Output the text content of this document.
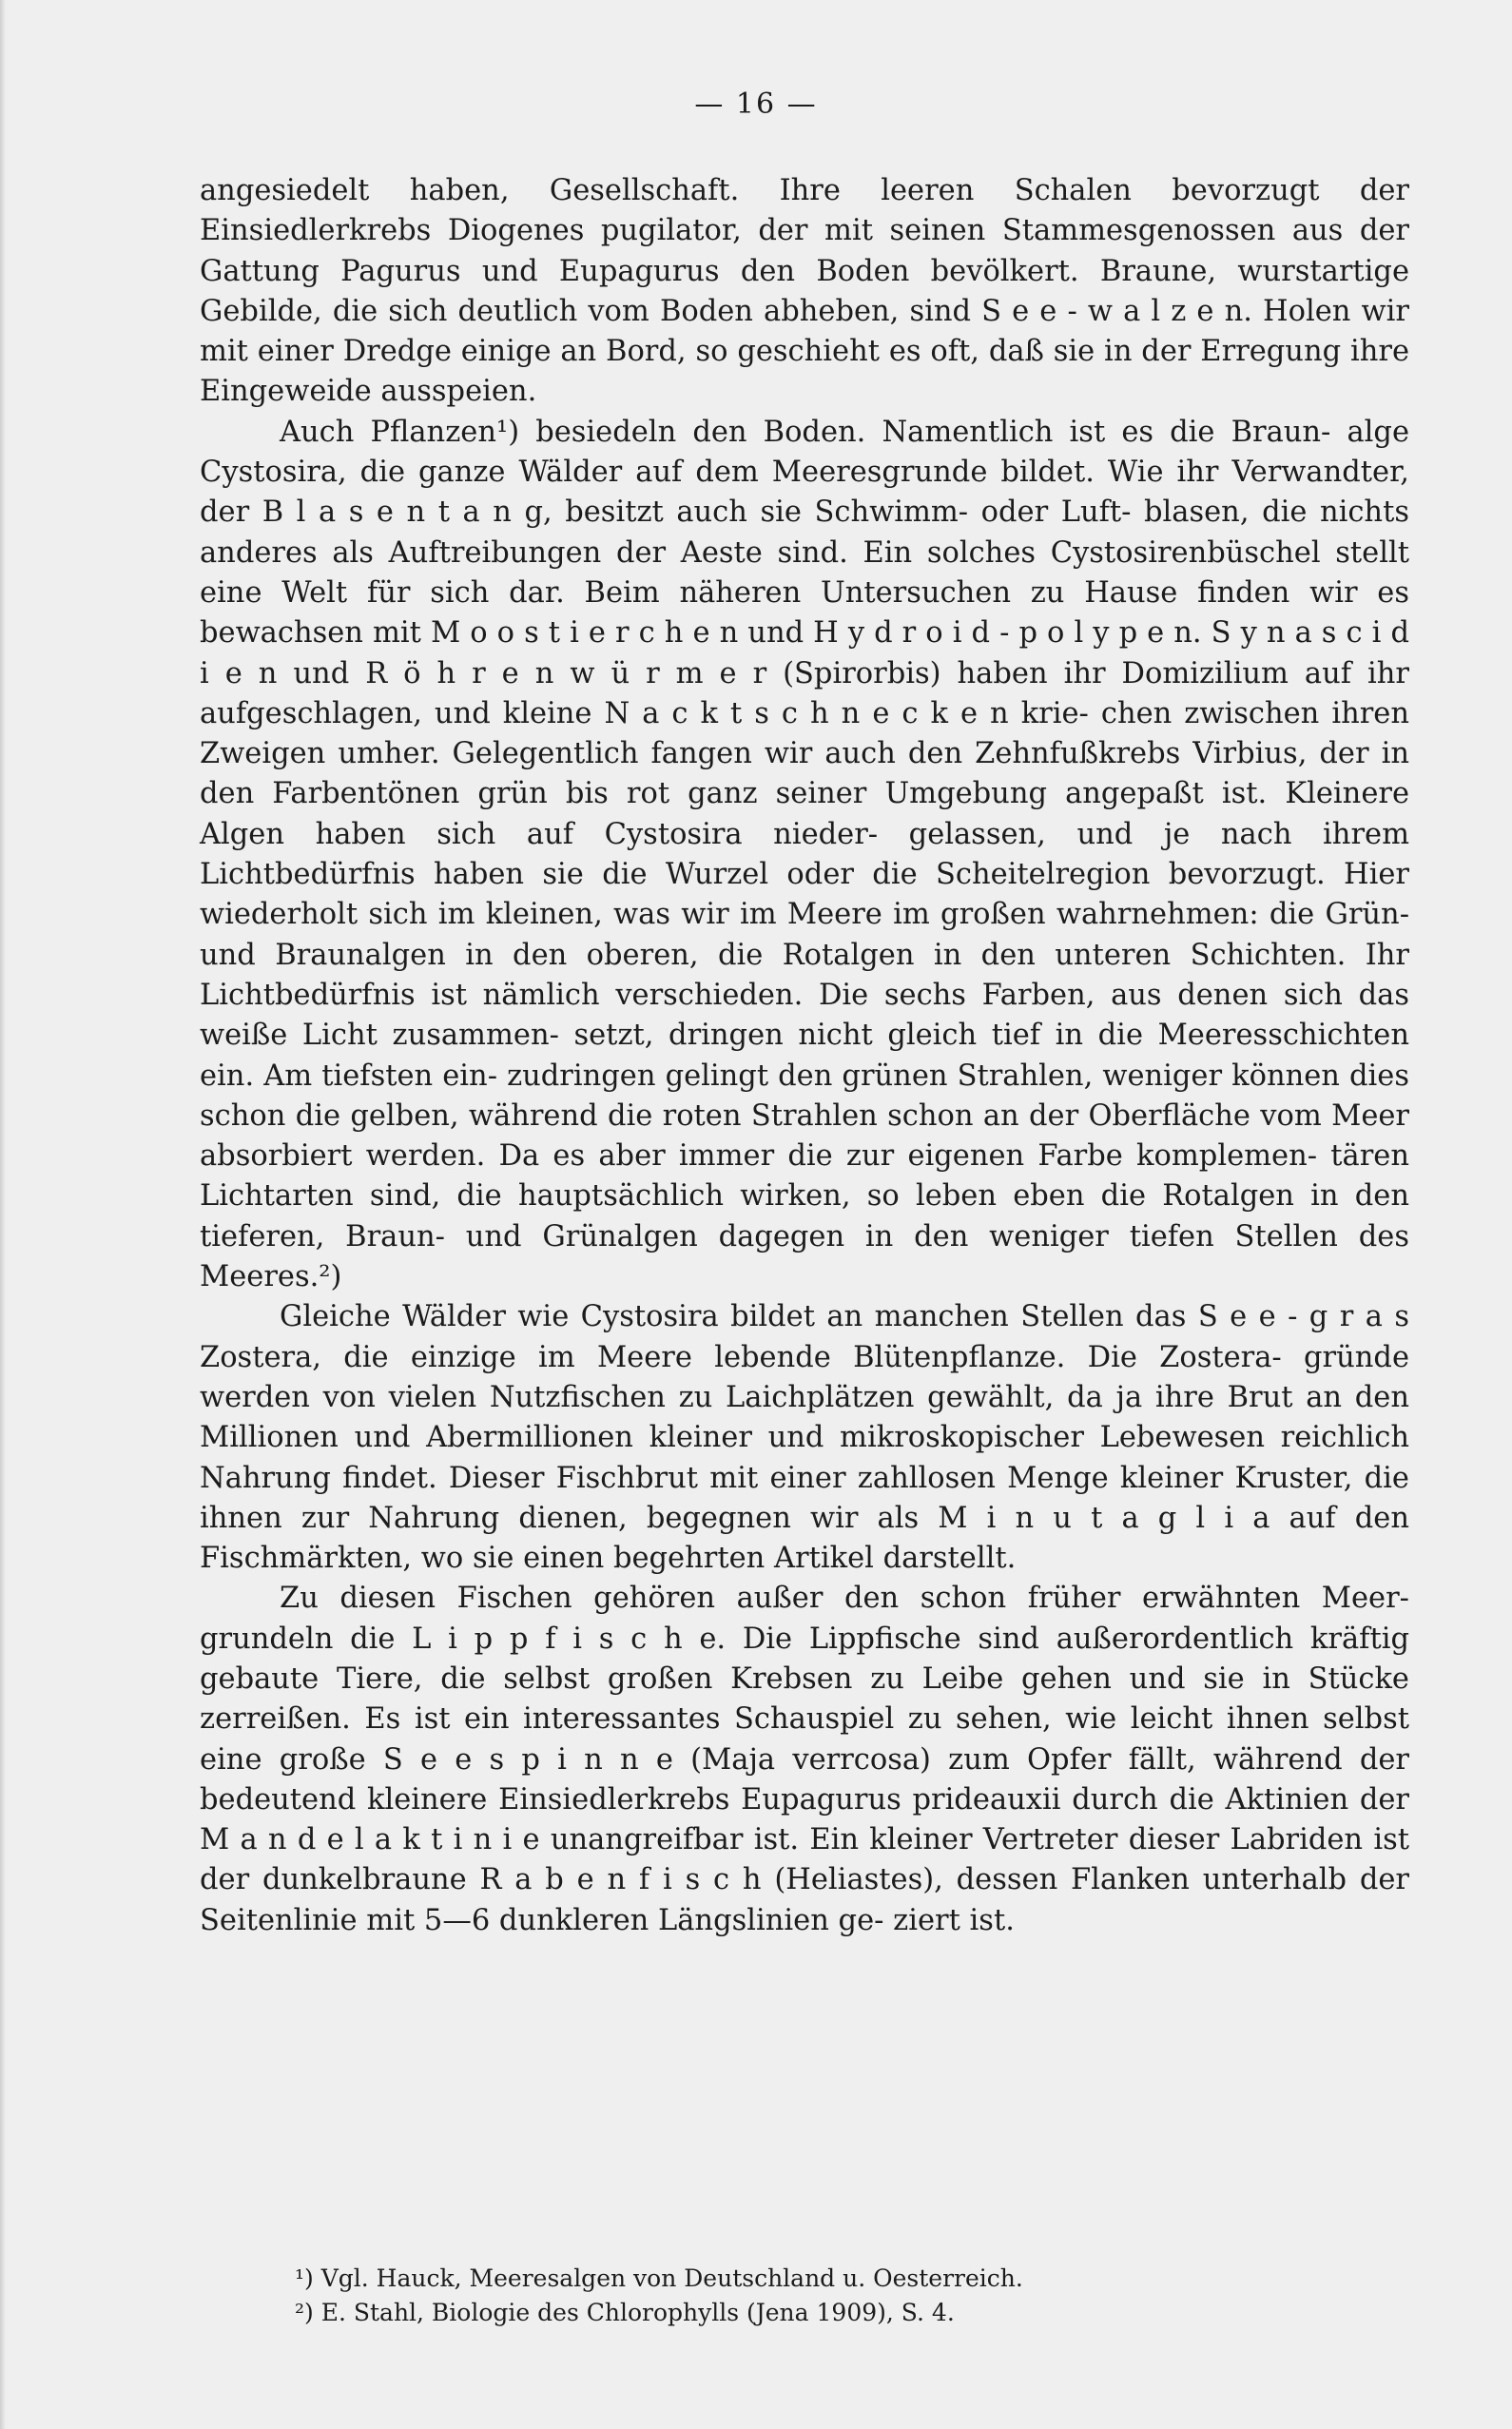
— 16 —

angesiedelt haben, Gesellschaft. Ihre leeren Schalen bevorzugt der Einsiedlerkrebs Diogenes pugilator, der mit seinen Stammesgenossen aus der Gattung Pagurus und Eupagurus den Boden bevölkert. Braune, wurstartige Gebilde, die sich deutlich vom Boden abheben, sind S e e - w a l z e n. Holen wir mit einer Dredge einige an Bord, so geschieht es oft, daß sie in der Erregung ihre Eingeweide ausspeien.

Auch Pflanzen¹) besiedeln den Boden. Namentlich ist es die Braun- alge Cystosira, die ganze Wälder auf dem Meeresgrunde bildet. Wie ihr Verwandter, der B l a s e n t a n g, besitzt auch sie Schwimm- oder Luft- blasen, die nichts anderes als Auftreibungen der Aeste sind. Ein solches Cystosirenbüschel stellt eine Welt für sich dar. Beim näheren Untersuchen zu Hause finden wir es bewachsen mit M o o s t i e r c h e n und H y d r o i d - p o l y p e n. S y n a s c i d i e n und R ö h r e n w ü r m e r (Spirorbis) haben ihr Domizilium auf ihr aufgeschlagen, und kleine N a c k t s c h n e c k e n krie- chen zwischen ihren Zweigen umher. Gelegentlich fangen wir auch den Zehnfußkrebs Virbius, der in den Farbentönen grün bis rot ganz seiner Umgebung angepaßt ist. Kleinere Algen haben sich auf Cystosira nieder- gelassen, und je nach ihrem Lichtbedürfnis haben sie die Wurzel oder die Scheitelregion bevorzugt. Hier wiederholt sich im kleinen, was wir im Meere im großen wahrnehmen: die Grün- und Braunalgen in den oberen, die Rotalgen in den unteren Schichten. Ihr Lichtbedürfnis ist nämlich verschieden. Die sechs Farben, aus denen sich das weiße Licht zusammen- setzt, dringen nicht gleich tief in die Meeresschichten ein. Am tiefsten ein- zudringen gelingt den grünen Strahlen, weniger können dies schon die gelben, während die roten Strahlen schon an der Oberfläche vom Meer absorbiert werden. Da es aber immer die zur eigenen Farbe komplemen- tären Lichtarten sind, die hauptsächlich wirken, so leben eben die Rotalgen in den tieferen, Braun- und Grünalgen dagegen in den weniger tiefen Stellen des Meeres.²)

Gleiche Wälder wie Cystosira bildet an manchen Stellen das S e e - g r a s Zostera, die einzige im Meere lebende Blütenpflanze. Die Zostera- gründe werden von vielen Nutzfischen zu Laichplätzen gewählt, da ja ihre Brut an den Millionen und Abermillionen kleiner und mikroskopischer Lebewesen reichlich Nahrung findet. Dieser Fischbrut mit einer zahllosen Menge kleiner Kruster, die ihnen zur Nahrung dienen, begegnen wir als M i n u t a g l i a auf den Fischmärkten, wo sie einen begehrten Artikel darstellt.

Zu diesen Fischen gehören außer den schon früher erwähnten Meer- grundeln die L i p p f i s c h e. Die Lippfische sind außerordentlich kräftig gebaute Tiere, die selbst großen Krebsen zu Leibe gehen und sie in Stücke zerreißen. Es ist ein interessantes Schauspiel zu sehen, wie leicht ihnen selbst eine große S e e s p i n n e (Maja verrcosa) zum Opfer fällt, während der bedeutend kleinere Einsiedlerkrebs Eupagurus prideauxii durch die Aktinien der M a n d e l a k t i n i e unangreifbar ist. Ein kleiner Vertreter dieser Labriden ist der dunkelbraune R a b e n f i s c h (Heliastes), dessen Flanken unterhalb der Seitenlinie mit 5—6 dunkleren Längslinien ge- ziert ist.

¹) Vgl. Hauck, Meeresalgen von Deutschland u. Oesterreich.

²) E. Stahl, Biologie des Chlorophylls (Jena 1909), S. 4.
